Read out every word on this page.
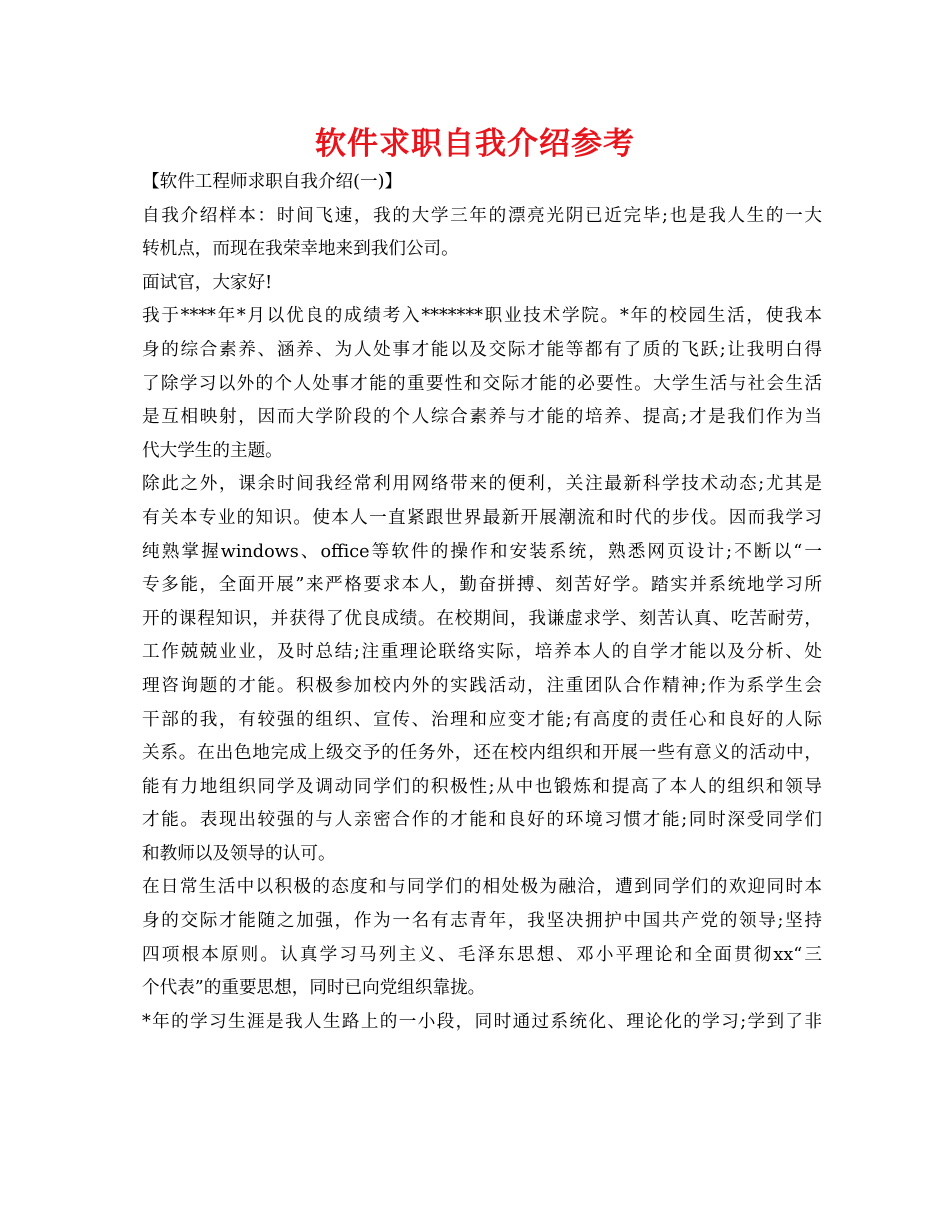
软件求职自我介绍参考
【软件工程师求职自我介绍(一)】
自我介绍样本：时间飞速，我的大学三年的漂亮光阴已近完毕;也是我人生的一大
转机点，而现在我荣幸地来到我们公司。
面试官，大家好!
我于****年*月以优良的成绩考入*******职业技术学院。*年的校园生活，使我本
身的综合素养、涵养、为人处事才能以及交际才能等都有了质的飞跃;让我明白得
了除学习以外的个人处事才能的重要性和交际才能的必要性。大学生活与社会生活
是互相映射，因而大学阶段的个人综合素养与才能的培养、提高;才是我们作为当
代大学生的主题。
除此之外，课余时间我经常利用网络带来的便利，关注最新科学技术动态;尤其是
有关本专业的知识。使本人一直紧跟世界最新开展潮流和时代的步伐。因而我学习
纯熟掌握windows、office等软件的操作和安装系统，熟悉网页设计;不断以“一
专多能，全面开展”来严格要求本人，勤奋拼搏、刻苦好学。踏实并系统地学习所
开的课程知识，并获得了优良成绩。在校期间，我谦虚求学、刻苦认真、吃苦耐劳，
工作兢兢业业，及时总结;注重理论联络实际，培养本人的自学才能以及分析、处
理咨询题的才能。积极参加校内外的实践活动，注重团队合作精神;作为系学生会
干部的我，有较强的组织、宣传、治理和应变才能;有高度的责任心和良好的人际
关系。在出色地完成上级交予的任务外，还在校内组织和开展一些有意义的活动中，
能有力地组织同学及调动同学们的积极性;从中也锻炼和提高了本人的组织和领导
才能。表现出较强的与人亲密合作的才能和良好的环境习惯才能;同时深受同学们
和教师以及领导的认可。
在日常生活中以积极的态度和与同学们的相处极为融洽，遭到同学们的欢迎同时本
身的交际才能随之加强，作为一名有志青年，我坚决拥护中国共产党的领导;坚持
四项根本原则。认真学习马列主义、毛泽东思想、邓小平理论和全面贯彻xx“三
个代表”的重要思想，同时已向党组织靠拢。
*年的学习生涯是我人生路上的一小段，同时通过系统化、理论化的学习;学到了非
